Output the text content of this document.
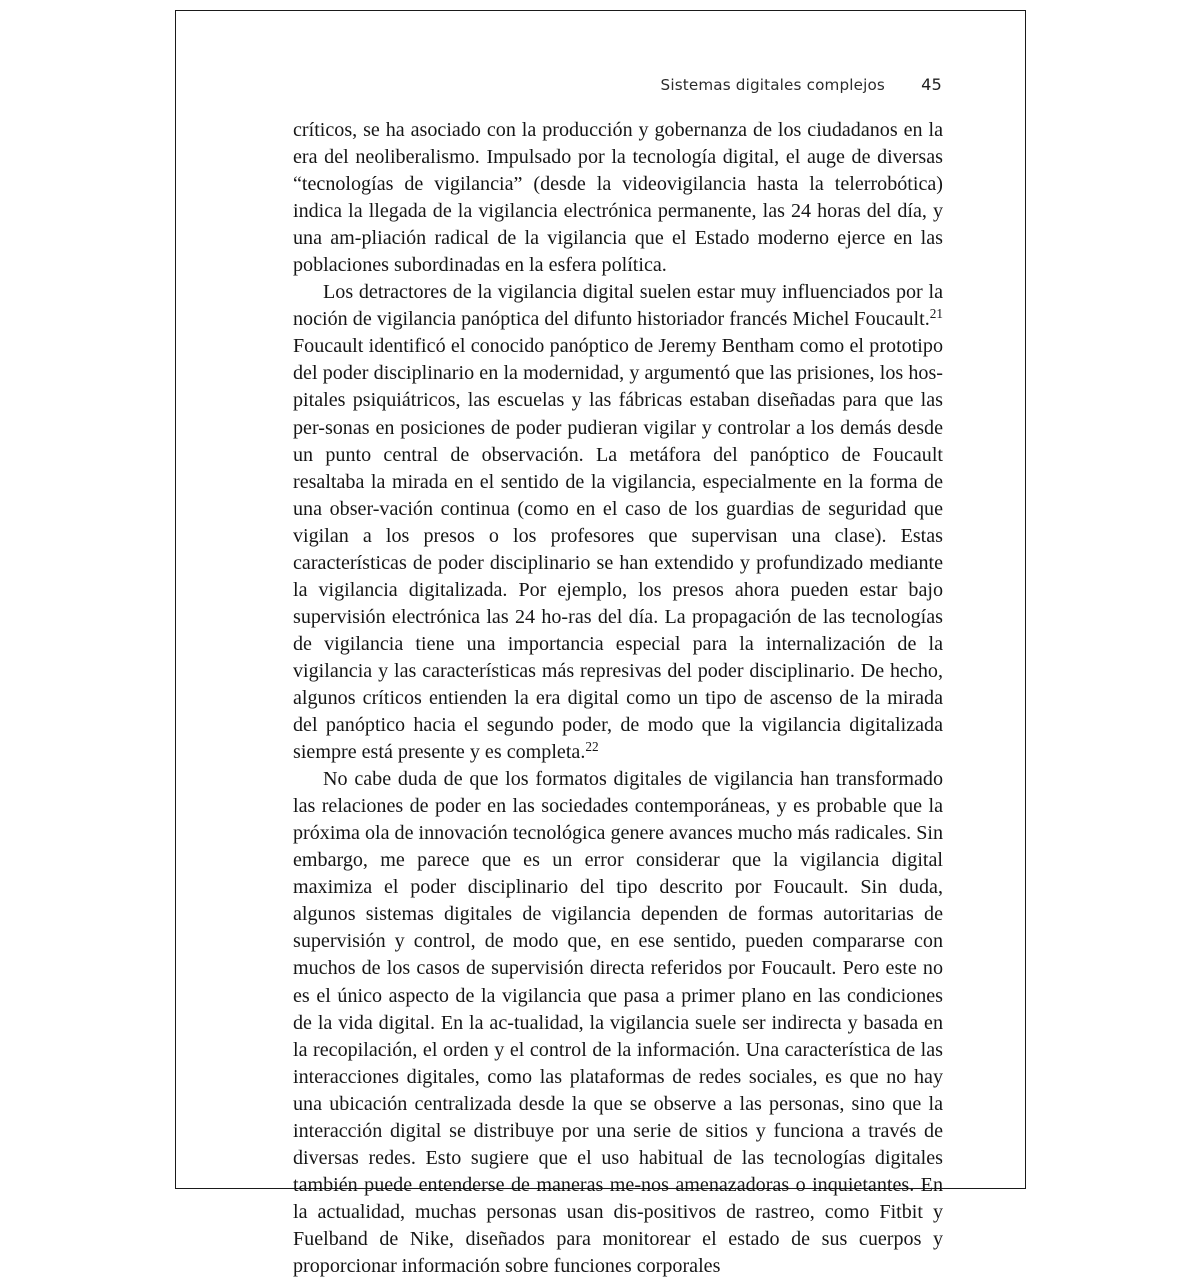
Sistemas digitales complejos 45

críticos, se ha asociado con la producción y gobernanza de los ciudadanos en la era del neoliberalismo. Impulsado por la tecnología digital, el auge de diversas “tecnologías de vigilancia” (desde la videovigilancia hasta la telerrobótica) indica la llegada de la vigilancia electrónica permanente, las 24 horas del día, y una am-​pliación radical de la vigilancia que el Estado moderno ejerce en las poblaciones subordinadas en la esfera política.

Los detractores de la vigilancia digital suelen estar muy influenciados por la noción de vigilancia panóptica del difunto historiador francés Michel Foucault.$^{21}$ Foucault identificó el conocido panóptico de Jeremy Bentham como el prototipo del poder disciplinario en la modernidad, y argumentó que las prisiones, los hos-​pitales psiquiátricos, las escuelas y las fábricas estaban diseñadas para que las per-​sonas en posiciones de poder pudieran vigilar y controlar a los demás desde un punto central de observación. La metáfora del panóptico de Foucault resaltaba la mirada en el sentido de la vigilancia, especialmente en la forma de una obser-​vación continua (como en el caso de los guardias de seguridad que vigilan a los presos o los profesores que supervisan una clase). Estas características de poder disciplinario se han extendido y profundizado mediante la vigilancia digitalizada. Por ejemplo, los presos ahora pueden estar bajo supervisión electrónica las 24 ho-​ras del día. La propagación de las tecnologías de vigilancia tiene una importancia especial para la internalización de la vigilancia y las características más represivas del poder disciplinario. De hecho, algunos críticos entienden la era digital como un tipo de ascenso de la mirada del panóptico hacia el segundo poder, de modo que la vigilancia digitalizada siempre está presente y es completa.$^{22}$

No cabe duda de que los formatos digitales de vigilancia han transformado las relaciones de poder en las sociedades contemporáneas, y es probable que la próxima ola de innovación tecnológica genere avances mucho más radicales. Sin embargo, me parece que es un error considerar que la vigilancia digital maximiza el poder disciplinario del tipo descrito por Foucault. Sin duda, algunos sistemas digitales de vigilancia dependen de formas autoritarias de supervisión y control, de modo que, en ese sentido, pueden compararse con muchos de los casos de supervisión directa referidos por Foucault. Pero este no es el único aspecto de la vigilancia que pasa a primer plano en las condiciones de la vida digital. En la ac-​tualidad, la vigilancia suele ser indirecta y basada en la recopilación, el orden y el control de la información. Una característica de las interacciones digitales, como las plataformas de redes sociales, es que no hay una ubicación centralizada desde la que se observe a las personas, sino que la interacción digital se distribuye por una serie de sitios y funciona a través de diversas redes. Esto sugiere que el uso habitual de las tecnologías digitales también puede entenderse de maneras me-​nos amenazadoras o inquietantes. En la actualidad, muchas personas usan dis-​positivos de rastreo, como Fitbit y Fuelband de Nike, diseñados para monitorear el estado de sus cuerpos y proporcionar información sobre funciones corporales
